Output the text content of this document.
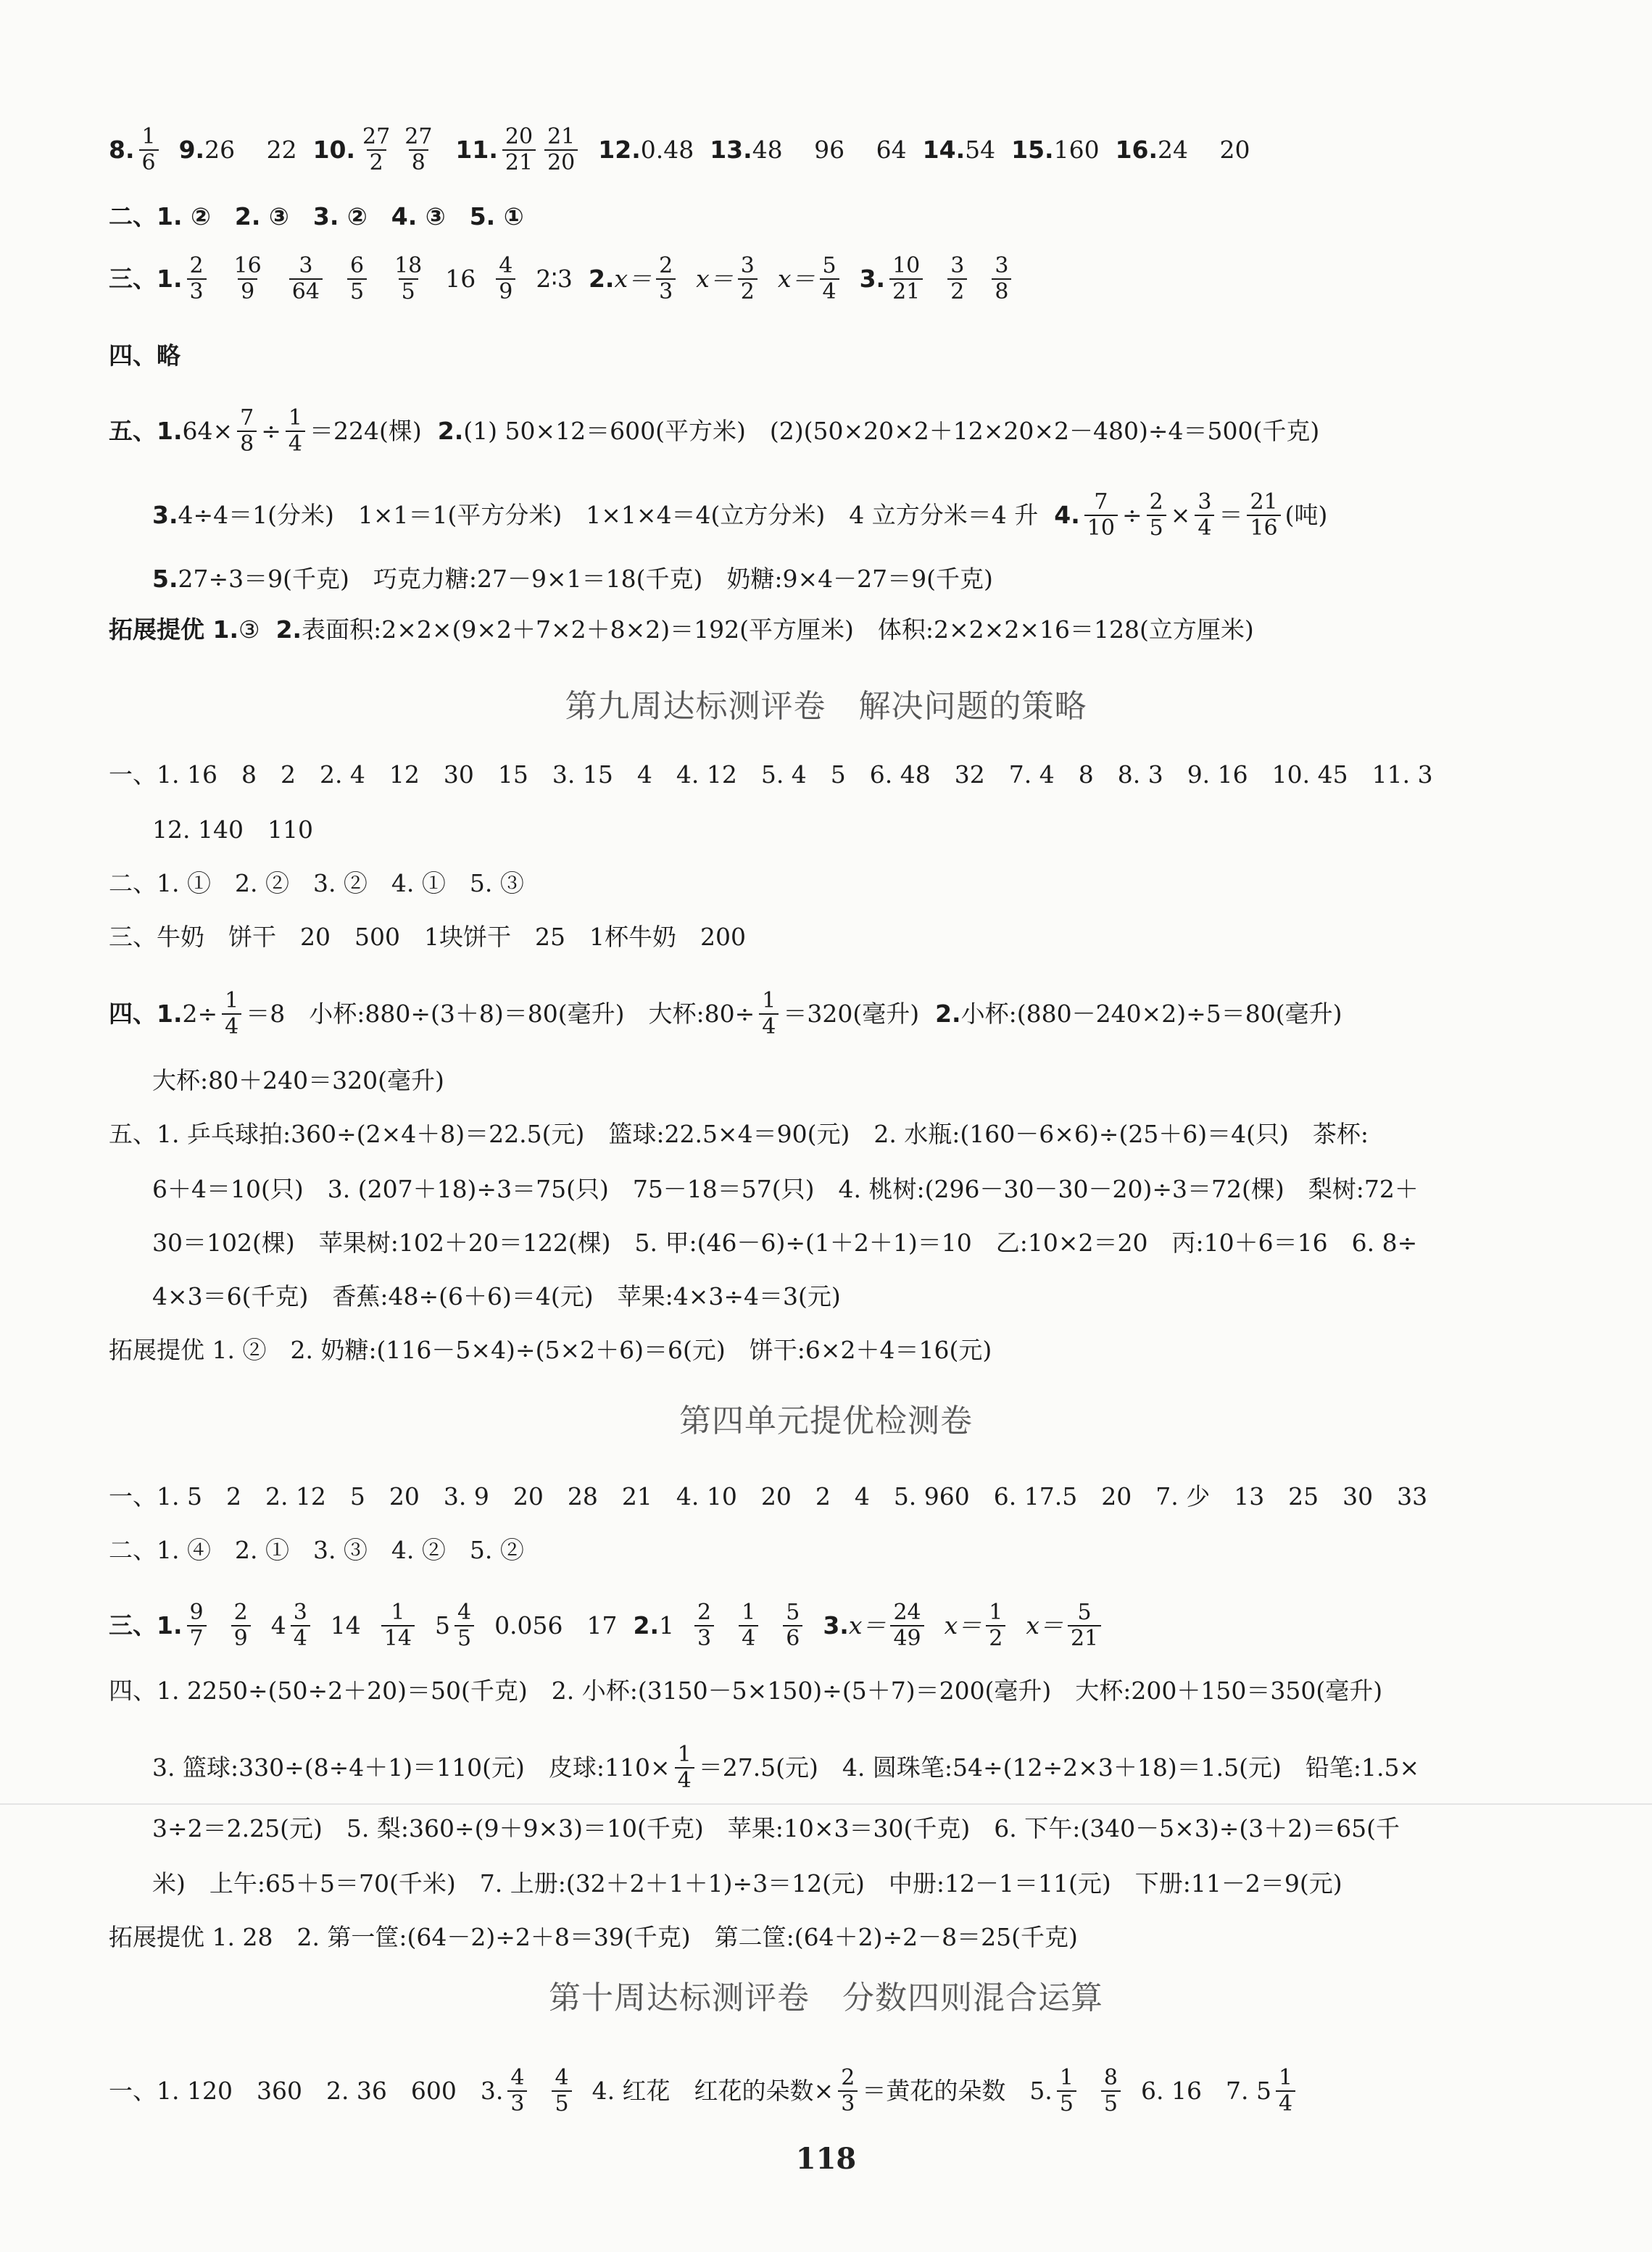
8. $\frac{1}{6} 9$. 26　 22 10. $\frac{27}{2} \frac{27}{8} 11$. $\frac{20}{21} \frac{21}{20} 12$. 0.48 13. 48　 96　 64 14. 54 15. 160 16. 24　 20
二、1. ②　2. ③　3. ②　4. ③　5. ①
三、1. $\frac{2}{3} \frac{16}{9} \frac{3}{64} \frac{6}{5} \frac{18}{5} 16 \frac{4}{9}$ 2∶3 2. $x= \frac{2}{3} x= \frac{3}{2} x= \frac{5}{4} 3$. $\frac{10}{21} \frac{3}{2} \frac{3}{8}$
四、略
五、1. $64\times \frac{7}{8} \div \frac{1}{4} =224$(棵) 2. (1) 50×12＝600(平方米)　(2)(50×20×2＋12×20×2－480)÷4＝500(千克)
3. 4÷4＝1(分米)　1×1＝1(平方分米)　1×1×4＝4(立方分米)　4 立方分米＝4 升 4. $\frac{7}{10} \div \frac{2}{5} \times \frac{3}{4} = \frac{21}{16}$ (吨)
5. 27÷3＝9(千克)　巧克力糖:27－9×1＝18(千克)　奶糖:9×4－27＝9(千克)
拓展提优 1. ③ 2. 表面积:2×2×(9×2＋7×2＋8×2)＝192(平方厘米)　体积:2×2×2×16＝128(立方厘米)
第九周达标测评卷　解决问题的策略
一、1. 16　8　2　2. 4　12　30　15　3. 15　4　4. 12　5. 4　5　6. 48　32　7. 4　8　8. 3　9. 16　10. 45　11. 3
12. 140　110
二、1. ①　2. ②　3. ②　4. ①　5. ③
三、牛奶　饼干　20　500　1块饼干　25　1杯牛奶　200
四、1. $2\div \frac{1}{4} =8$　小杯:880÷(3＋8)＝80(毫升)　大杯:80÷ $\frac{1}{4} =320$(毫升) 2. 小杯:(880－240×2)÷5＝80(毫升)
大杯:80＋240＝320(毫升)
五、1. 乒乓球拍:360÷(2×4＋8)＝22.5(元)　篮球:22.5×4＝90(元)　2. 水瓶:(160－6×6)÷(25＋6)＝4(只)　茶杯:
6＋4＝10(只)　3. (207＋18)÷3＝75(只)　75－18＝57(只)　4. 桃树:(296－30－30－20)÷3＝72(棵)　梨树:72＋
30＝102(棵)　苹果树:102＋20＝122(棵)　5. 甲:(46－6)÷(1＋2＋1)＝10　乙:10×2＝20　丙:10＋6＝16　6. 8÷
4×3＝6(千克)　香蕉:48÷(6＋6)＝4(元)　苹果:4×3÷4＝3(元)
拓展提优 1. ②　2. 奶糖:(116－5×4)÷(5×2＋6)＝6(元)　饼干:6×2＋4＝16(元)
第四单元提优检测卷
一、1. 5　2　2. 12　5　20　3. 9　20　28　21　4. 10　20　2　4　5. 960　6. 17.5　20　7. 少　13　25　30　33
二、1. ④　2. ①　3. ③　4. ②　5. ②
三、1. $\frac{9}{7} \frac{2}{9} 4 \frac{3}{4} 14 \frac{1}{14} 5 \frac{4}{5} 0.056$　17 2. $1 \frac{2}{3} \frac{1}{4} \frac{5}{6} 3$. $x= \frac{24}{49} x= \frac{1}{2} x= \frac{5}{21}$
四、1. 2250÷(50÷2＋20)＝50(千克)　2. 小杯:(3150－5×150)÷(5＋7)＝200(毫升)　大杯:200＋150＝350(毫升)
3. 篮球:330÷(8÷4＋1)＝110(元)　皮球:110× $\frac{1}{4} =27.5$(元)　4. 圆珠笔:54÷(12÷2×3＋18)＝1.5(元)　铅笔:1.5×
3÷2＝2.25(元)　5. 梨:360÷(9＋9×3)＝10(千克)　苹果:10×3＝30(千克)　6. 下午:(340－5×3)÷(3＋2)＝65(千
米)　上午:65＋5＝70(千米)　7. 上册:(32＋2＋1＋1)÷3＝12(元)　中册:12－1＝11(元)　下册:11－2＝9(元)
拓展提优 1. 28　2. 第一筐:(64－2)÷2＋8＝39(千克)　第二筐:(64＋2)÷2－8＝25(千克)
第十周达标测评卷　分数四则混合运算
一、1. 120　360　2. 36　600　3. $\frac{4}{3} \frac{4}{5} 4$. 红花　红花的朵数× $\frac{2}{3}$ ＝黄花的朵数　5. $\frac{1}{5} \frac{8}{5} 6$. 16　7. $5 \frac{1}{4}$
118
